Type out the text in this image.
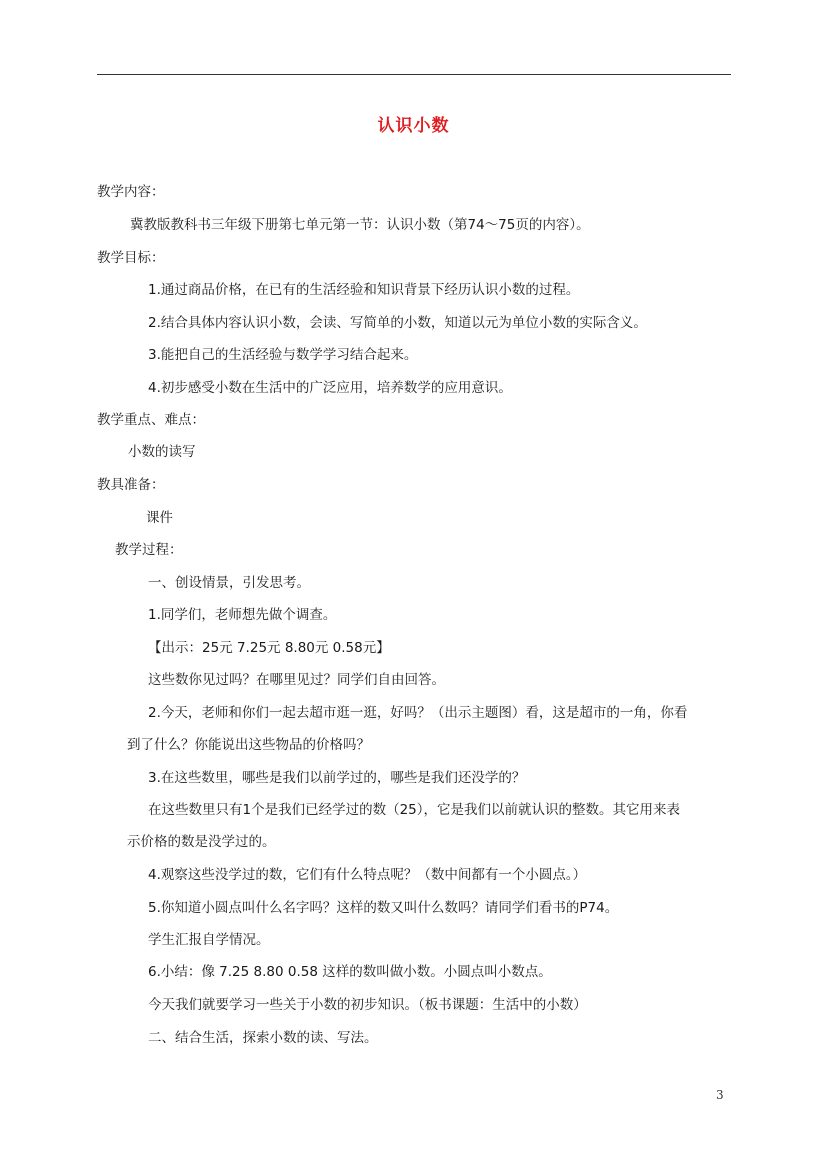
认识小数
教学内容：
冀教版教科书三年级下册第七单元第一节：认识小数（第74～75页的内容）。
教学目标：
1.通过商品价格，在已有的生活经验和知识背景下经历认识小数的过程。
2.结合具体内容认识小数，会读、写简单的小数，知道以元为单位小数的实际含义。
3.能把自己的生活经验与数学学习结合起来。
4.初步感受小数在生活中的广泛应用，培养数学的应用意识。
教学重点、难点：
小数的读写
教具准备：
课件
教学过程：
一、创设情景，引发思考。
1.同学们，老师想先做个调查。
【出示：25元 7.25元 8.80元 0.58元】
这些数你见过吗？在哪里见过？同学们自由回答。
2.今天，老师和你们一起去超市逛一逛，好吗？（出示主题图）看，这是超市的一角，你看
到了什么？你能说出这些物品的价格吗？
3.在这些数里，哪些是我们以前学过的，哪些是我们还没学的？
在这些数里只有1个是我们已经学过的数（25），它是我们以前就认识的整数。其它用来表
示价格的数是没学过的。
4.观察这些没学过的数，它们有什么特点呢？（数中间都有一个小圆点。）
5.你知道小圆点叫什么名字吗？这样的数又叫什么数吗？请同学们看书的P74。
学生汇报自学情况。
6.小结：像 7.25 8.80 0.58 这样的数叫做小数。小圆点叫小数点。
今天我们就要学习一些关于小数的初步知识。（板书课题：生活中的小数）
二、结合生活，探索小数的读、写法。
3
